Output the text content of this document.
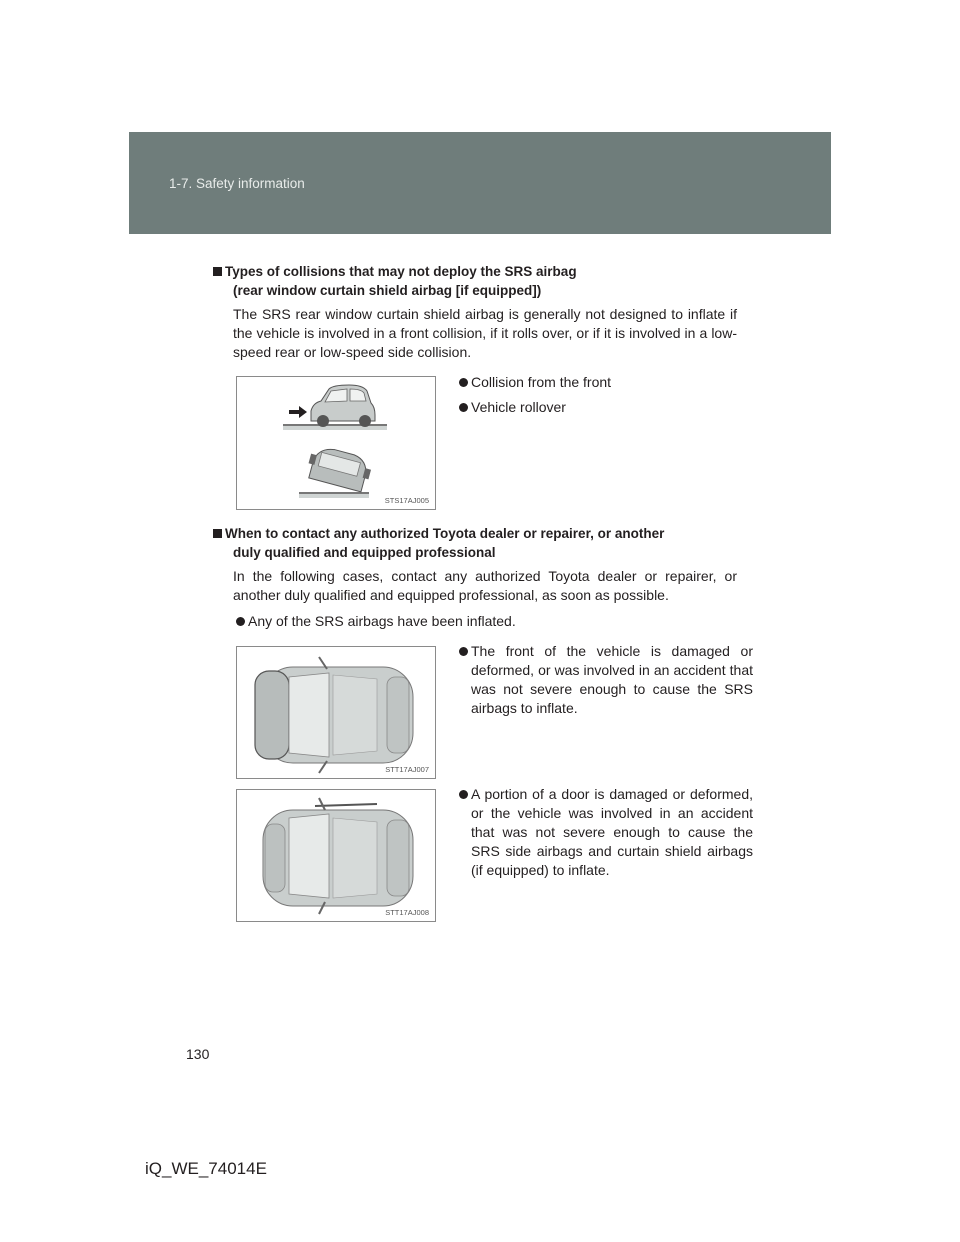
1-7. Safety information
Types of collisions that may not deploy the SRS airbag
(rear window curtain shield airbag [if equipped])
The SRS rear window curtain shield airbag is generally not designed to inflate if the vehicle is involved in a front collision, if it rolls over, or if it is involved in a low-speed rear or low-speed side collision.
STS17AJ005
Collision from the front
Vehicle rollover
When to contact any authorized Toyota dealer or repairer, or another
duly qualified and equipped professional
In the following cases, contact any authorized Toyota dealer or repairer, or another duly qualified and equipped professional, as soon as possible.
Any of the SRS airbags have been inflated.
STT17AJ007
The front of the vehicle is damaged or deformed, or was involved in an accident that was not severe enough to cause the SRS airbags to inflate.
STT17AJ008
A portion of a door is damaged or deformed, or the vehicle was involved in an accident that was not severe enough to cause the SRS side airbags and curtain shield airbags (if equipped) to inflate.
130
iQ_WE_74014E
